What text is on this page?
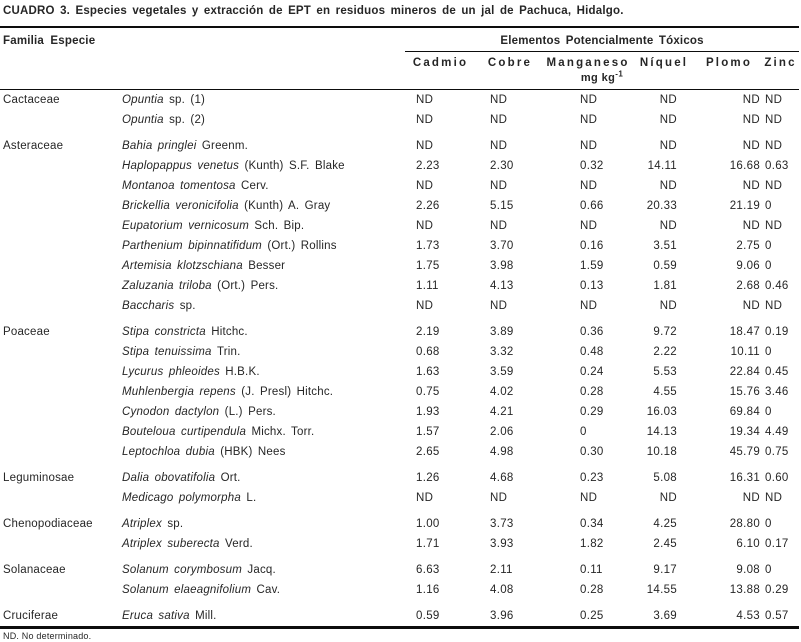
CUADRO 3. Especies vegetales y extracción de EPT en residuos mineros de un jal de Pachuca, Hidalgo.
Familia Especie		Elementos Potencialmente Tóxicos					
		Cadmio	Cobre	Manganeso	Níquel	Plomo	Zinc
		mg $kg^{-1}$
Cactaceae	Opuntia sp. (1)	ND	ND	ND	ND	ND	ND
	Opuntia sp. (2)	ND	ND	ND	ND	ND	ND
Asteraceae	Bahia pringlei Greenm.	ND	ND	ND	ND	ND	ND
	Haplopappus venetus (Kunth) S.F. Blake	2.23	2.30	0.32	14.11	16.68	0.63
	Montanoa tomentosa Cerv.	ND	ND	ND	ND	ND	ND
	Brickellia veronicifolia (Kunth) A. Gray	2.26	5.15	0.66	20.33	21.19	0
	Eupatorium vernicosum Sch. Bip.	ND	ND	ND	ND	ND	ND
	Parthenium bipinnatifidum (Ort.) Rollins	1.73	3.70	0.16	3.51	2.75	0
	Artemisia klotzschiana Besser	1.75	3.98	1.59	0.59	9.06	0
	Zaluzania triloba (Ort.) Pers.	1.11	4.13	0.13	1.81	2.68	0.46
	Baccharis sp.	ND	ND	ND	ND	ND	ND
Poaceae	Stipa constricta Hitchc.	2.19	3.89	0.36	9.72	18.47	0.19
	Stipa tenuissima Trin.	0.68	3.32	0.48	2.22	10.11	0
	Lycurus phleoides H.B.K.	1.63	3.59	0.24	5.53	22.84	0.45
	Muhlenbergia repens (J. Presl) Hitchc.	0.75	4.02	0.28	4.55	15.76	3.46
	Cynodon dactylon (L.) Pers.	1.93	4.21	0.29	16.03	69.84	0
	Bouteloua curtipendula Michx. Torr.	1.57	2.06	0	14.13	19.34	4.49
	Leptochloa dubia (HBK) Nees	2.65	4.98	0.30	10.18	45.79	0.75
Leguminosae	Dalia obovatifolia Ort.	1.26	4.68	0.23	5.08	16.31	0.60
	Medicago polymorpha L.	ND	ND	ND	ND	ND	ND
Chenopodiaceae	Atriplex sp.	1.00	3.73	0.34	4.25	28.80	0
	Atriplex suberecta Verd.	1.71	3.93	1.82	2.45	6.10	0.17
Solanaceae	Solanum corymbosum Jacq.	6.63	2.11	0.11	9.17	9.08	0
	Solanum elaeagnifolium Cav.	1.16	4.08	0.28	14.55	13.88	0.29
Cruciferae	Eruca sativa Mill.	0.59	3.96	0.25	3.69	4.53	0.57
ND. No determinado.
